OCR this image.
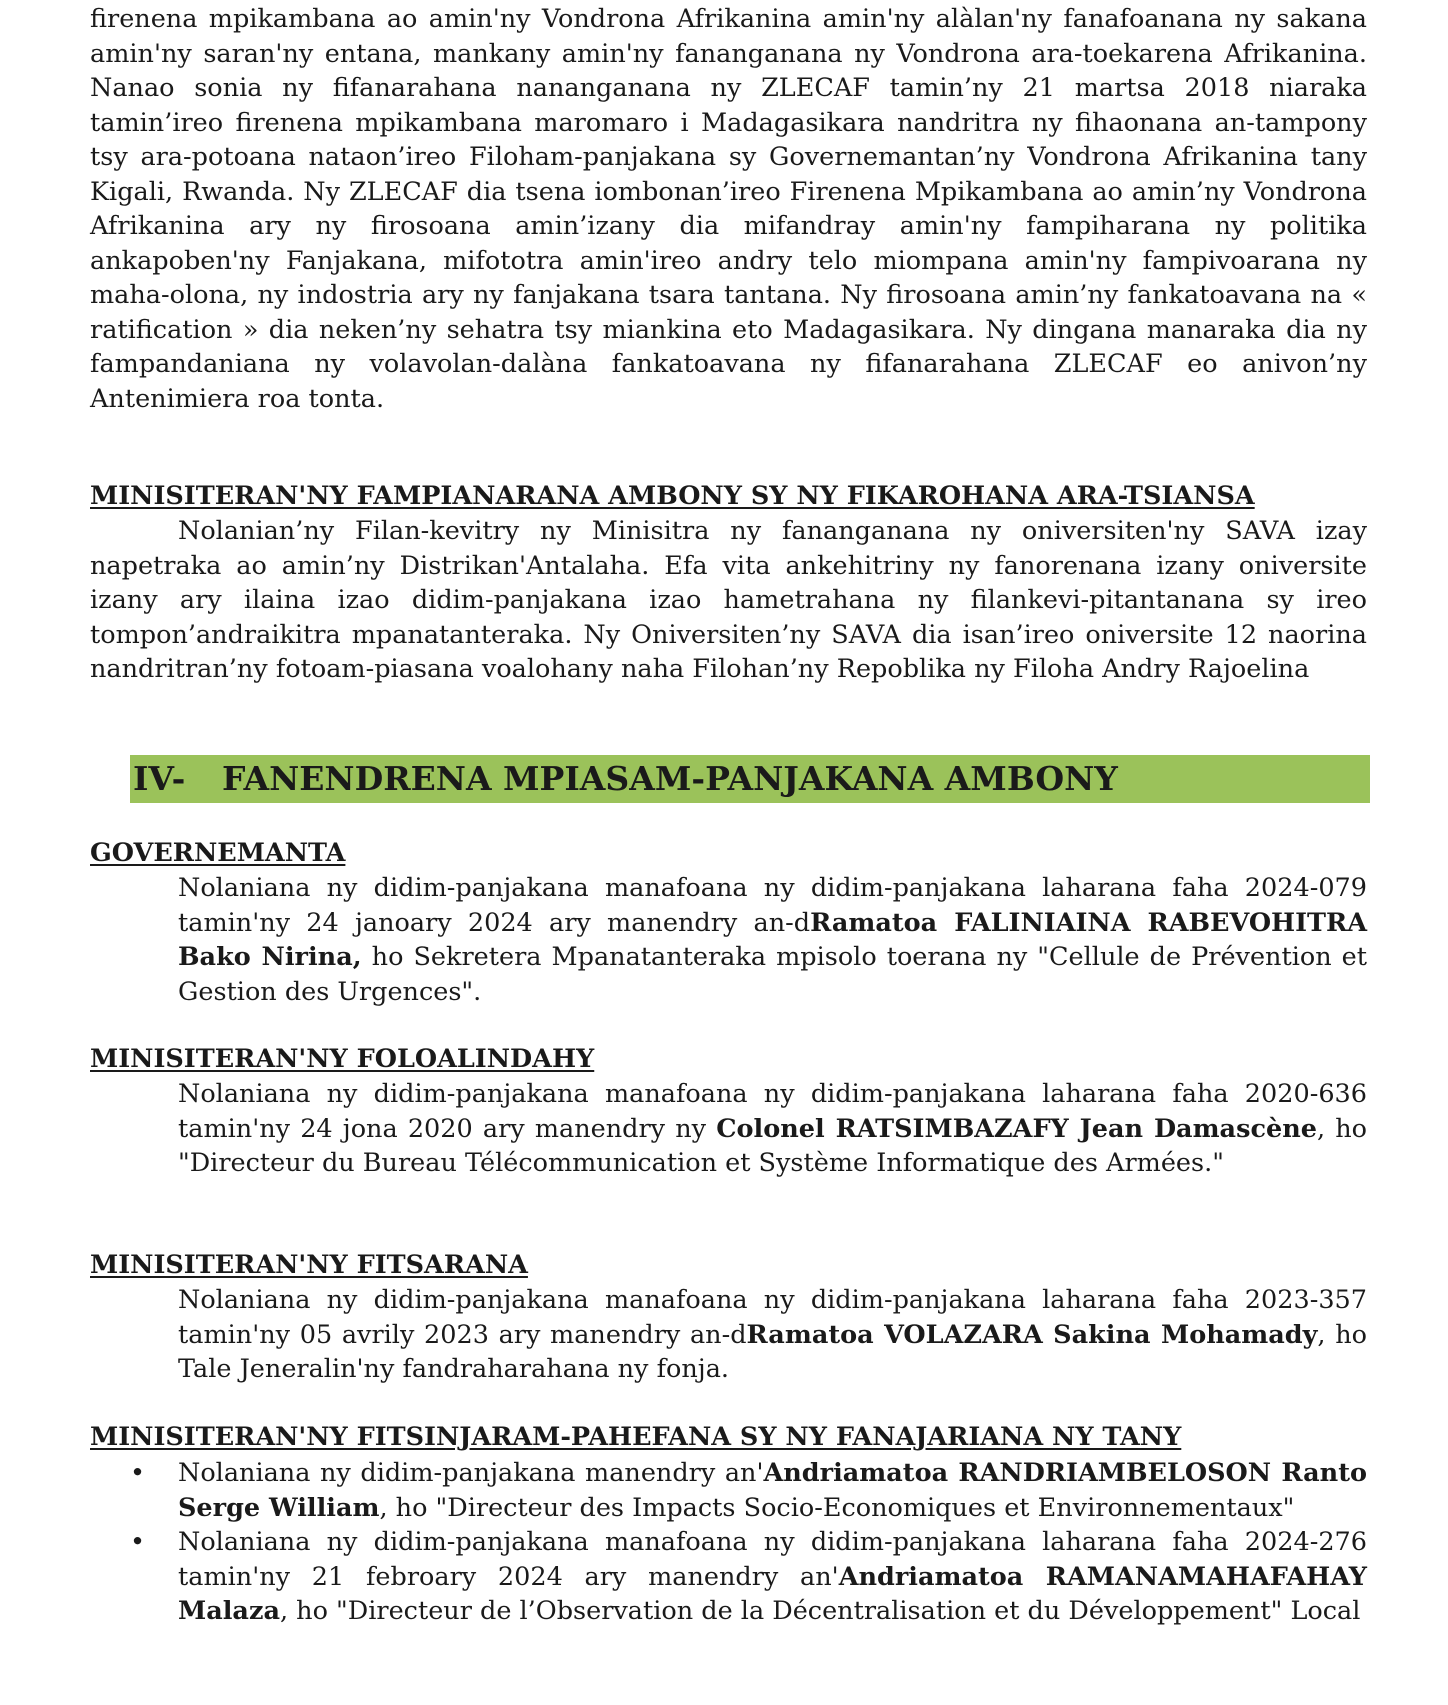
firenena mpikambana ao amin'ny Vondrona Afrikanina amin'ny alàlan'ny fanafoanana ny sakana amin'ny saran'ny entana, mankany amin'ny fananganana ny Vondrona ara-toekarena Afrikanina. Nanao sonia ny fifanarahana nananganana ny ZLECAF tamin’ny 21 martsa 2018 niaraka tamin’ireo firenena mpikambana maromaro i Madagasikara nandritra ny fihaonana an-tampony tsy ara-potoana nataon’ireo Filoham-panjakana sy Governemantan’ny Vondrona Afrikanina tany Kigali, Rwanda. Ny ZLECAF dia tsena iombonan’ireo Firenena Mpikambana ao amin’ny Vondrona Afrikanina ary ny firosoana amin’izany dia mifandray amin'ny fampiharana ny politika ankapoben'ny Fanjakana, mifototra amin'ireo andry telo miompana amin'ny fampivoarana ny maha-olona, ny indostria ary ny fanjakana tsara tantana. Ny firosoana amin’ny fankatoavana na « ratification » dia neken’ny sehatra tsy miankina eto Madagasikara. Ny dingana manaraka dia ny fampandaniana ny volavolan-dalàna fankatoavana ny fifanarahana ZLECAF eo anivon’ny Antenimiera roa tonta.

MINISITERAN'NY FAMPIANARANA AMBONY SY NY FIKAROHANA ARA-TSIANSA

Nolanian’ny Filan-kevitry ny Minisitra ny fananganana ny oniversiten'ny SAVA izay napetraka ao amin’ny Distrikan'Antalaha. Efa vita ankehitriny ny fanorenana izany oniversite izany ary ilaina izao didim-panjakana izao hametrahana ny filankevi-pitantanana sy ireo tompon’andraikitra mpanatanteraka. Ny Oniversiten’ny SAVA dia isan’ireo oniversite 12 naorina nandritran’ny fotoam-piasana voalohany naha Filohan’ny Repoblika ny Filoha Andry Rajoelina

IV- FANENDRENA MPIASAM-PANJAKANA AMBONY
GOVERNEMANTA

Nolaniana ny didim-panjakana manafoana ny didim-panjakana laharana faha 2024-079 tamin'ny 24 janoary 2024 ary manendry an-dRamatoa FALINIAINA RABEVOHITRA Bako Nirina, ho Sekretera Mpanatanteraka mpisolo toerana ny "Cellule de Prévention et Gestion des Urgences".

MINISITERAN'NY FOLOALINDAHY

Nolaniana ny didim-panjakana manafoana ny didim-panjakana laharana faha 2020-636 tamin'ny 24 jona 2020 ary manendry ny Colonel RATSIMBAZAFY Jean Damascène, ho "Directeur du Bureau Télécommunication et Système Informatique des Armées."

MINISITERAN'NY FITSARANA

Nolaniana ny didim-panjakana manafoana ny didim-panjakana laharana faha 2023-357 tamin'ny 05 avrily 2023 ary manendry an-dRamatoa VOLAZARA Sakina Mohamady, ho Tale Jeneralin'ny fandraharahana ny fonja.

MINISITERAN'NY FITSINJARAM-PAHEFANA SY NY FANAJARIANA NY TANY
• Nolaniana ny didim-panjakana manendry an'Andriamatoa RANDRIAMBELOSON Ranto Serge William, ho "Directeur des Impacts Socio-Economiques et Environnementaux"
• Nolaniana ny didim-panjakana manafoana ny didim-panjakana laharana faha 2024-276 tamin'ny 21 febroary 2024 ary manendry an'Andriamatoa RAMANAMAHAFAHAY Malaza, ho "Directeur de l’Observation de la Décentralisation et du Développement" Local
